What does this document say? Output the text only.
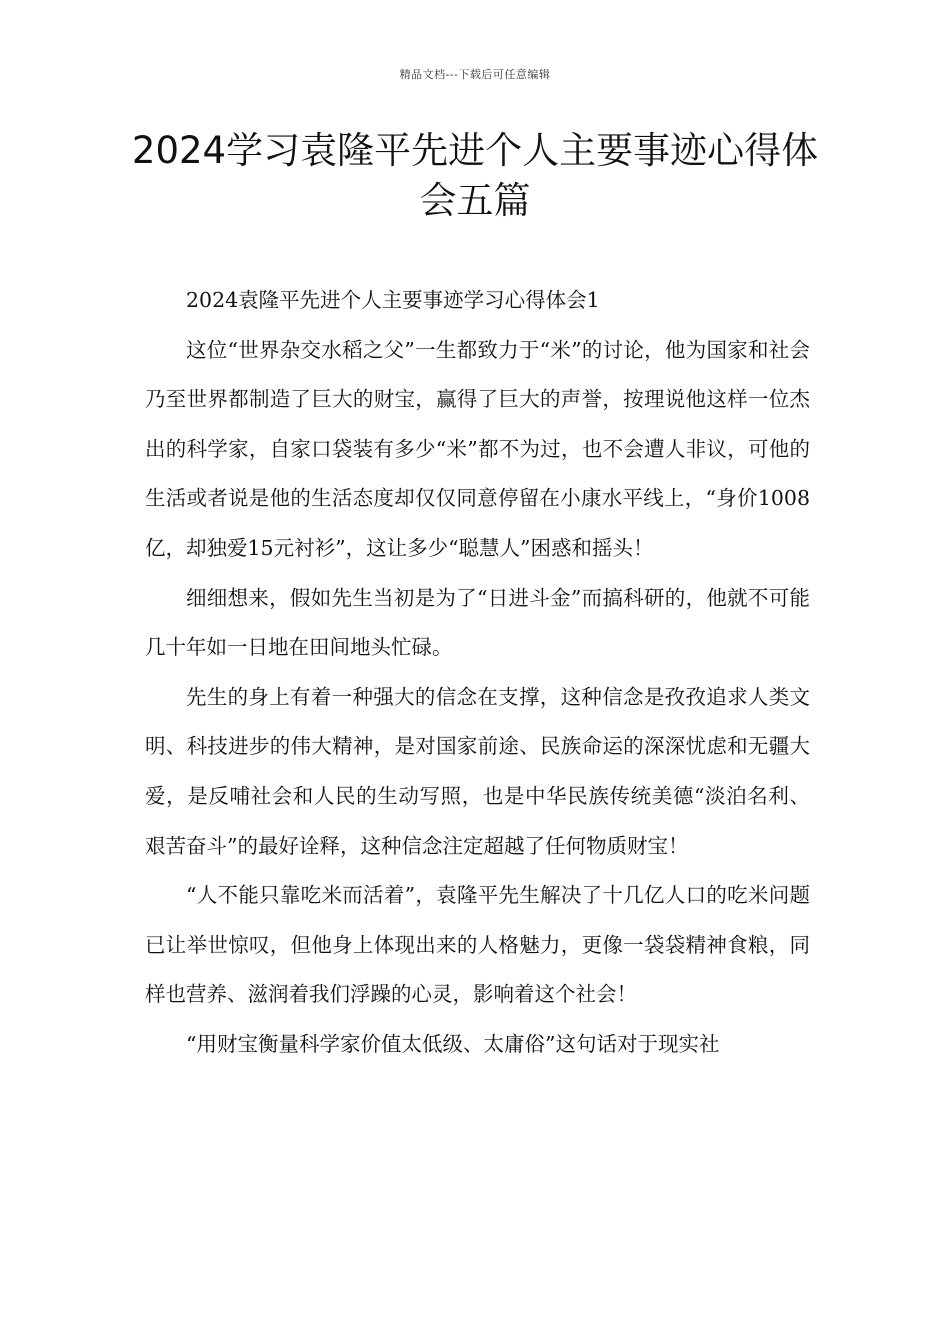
精品文档---下载后可任意编辑
2024学习袁隆平先进个人主要事迹心得体会五篇

2024袁隆平先进个人主要事迹学习心得体会1

这位“世界杂交水稻之父”一生都致力于“米”的讨论，他为国家和社会乃至世界都制造了巨大的财宝，赢得了巨大的声誉，按理说他这样一位杰出的科学家，自家口袋装有多少“米”都不为过，也不会遭人非议，可他的生活或者说是他的生活态度却仅仅同意停留在小康水平线上，“身价1008亿，却独爱15元衬衫”，这让多少“聪慧人”困惑和摇头！

细细想来，假如先生当初是为了“日进斗金”而搞科研的，他就不可能几十年如一日地在田间地头忙碌。

先生的身上有着一种强大的信念在支撑，这种信念是孜孜追求人类文明、科技进步的伟大精神，是对国家前途、民族命运的深深忧虑和无疆大爱，是反哺社会和人民的生动写照，也是中华民族传统美德“淡泊名利、艰苦奋斗”的最好诠释，这种信念注定超越了任何物质财宝！

“人不能只靠吃米而活着”，袁隆平先生解决了十几亿人口的吃米问题已让举世惊叹，但他身上体现出来的人格魅力，更像一袋袋精神食粮，同样也营养、滋润着我们浮躁的心灵，影响着这个社会！

“用财宝衡量科学家价值太低级、太庸俗”这句话对于现实社
